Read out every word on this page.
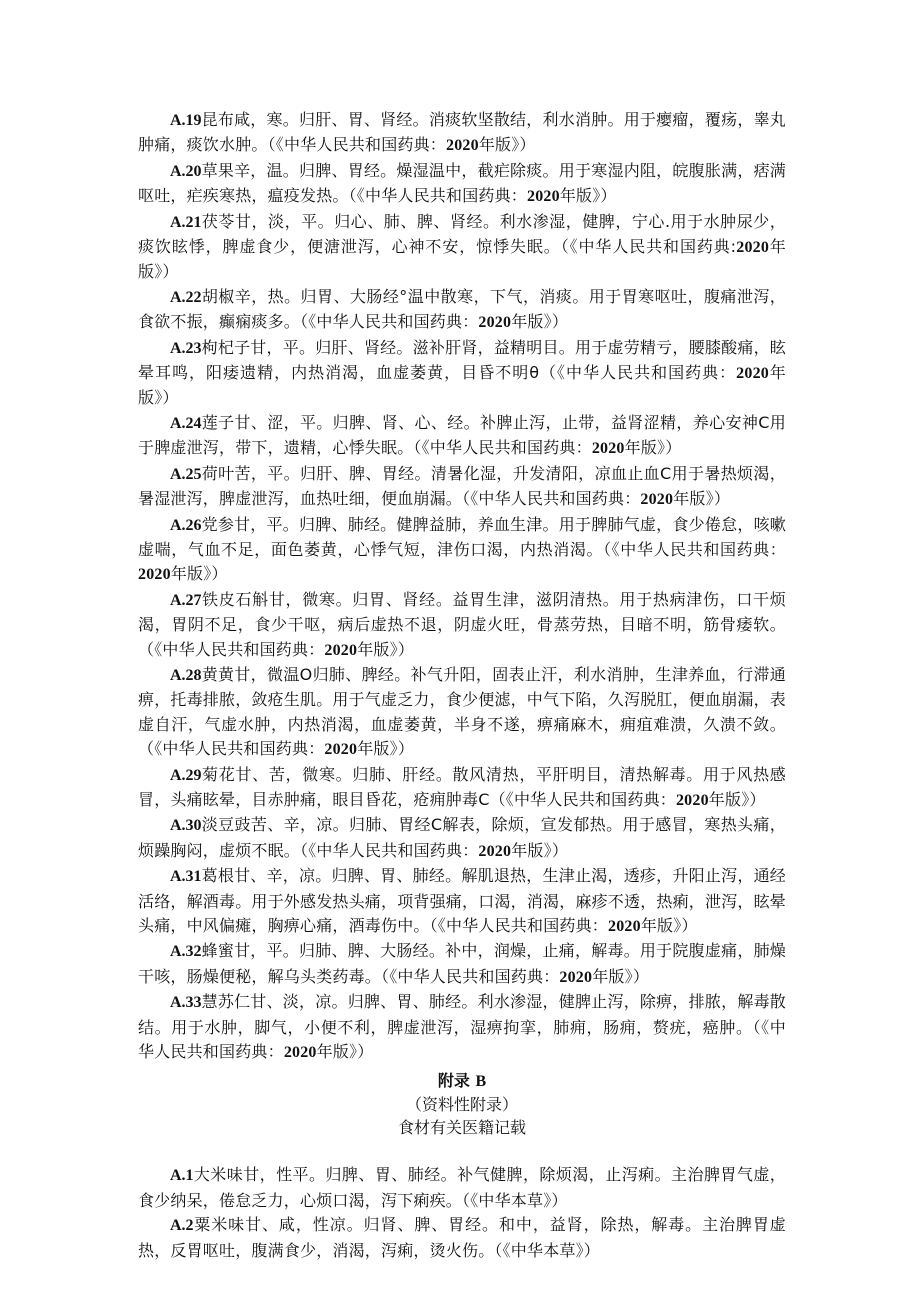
A.19昆布咸，寒。归肝、胃、肾经。消痰软坚散结，利水消肿。用于瘿瘤，覆疡，睾丸肿痛，痰饮水肿。（《中华人民共和国药典：2020年版》）

A.20草果辛，温。归脾、胃经。燥湿温中，截疟除痰。用于寒湿内阻，皖腹胀满，痞满呕吐，疟疾寒热，瘟疫发热。（《中华人民共和国药典：2020年版》）

A.21茯苓甘，淡，平。归心、肺、脾、肾经。利水渗湿，健脾，宁心.用于水肿尿少，痰饮眩悸，脾虚食少，便溏泄泻，心神不安，惊悸失眠。（《中华人民共和国药典:2020年版》）

A.22胡椒辛，热。归胃、大肠经°温中散寒，下气，消痰。用于胃寒呕吐，腹痛泄泻，食欲不振，癫痫痰多。（《中华人民共和国药典：2020年版》）

A.23枸杞子甘，平。归肝、肾经。滋补肝肾，益精明目。用于虚劳精亏，腰膝酸痛，眩晕耳鸣，阳痿遗精，内热消渴，血虚萎黄，目昏不明θ（《中华人民共和国药典：2020年版》）

A.24莲子甘、涩，平。归脾、肾、心、经。补脾止泻，止带，益肾涩精，养心安神C用于脾虚泄泻，带下，遗精，心悸失眠。（《中华人民共和国药典：2020年版》）

A.25荷叶苦，平。归肝、脾、胃经。清暑化湿，升发清阳，凉血止血C用于暑热烦渴，暑湿泄泻，脾虚泄泻，血热吐细，便血崩漏。（《中华人民共和国药典：2020年版》）

A.26党参甘，平。归脾、肺经。健脾益肺，养血生津。用于脾肺气虚，食少倦怠，咳嗽虚喘，气血不足，面色萎黄，心悸气短，津伤口渴，内热消渴。（《中华人民共和国药典：2020年版》）

A.27铁皮石斛甘，微寒。归胃、肾经。益胃生津，滋阴清热。用于热病津伤，口干烦渴，胃阴不足，食少干呕，病后虚热不退，阴虚火旺，骨蒸劳热，目暗不明，筋骨痿软。（《中华人民共和国药典：2020年版》）

A.28黄黄甘，微温O归肺、脾经。补气升阳，固表止汗，利水消肿，生津养血，行滞通痹，托毒排脓，敛疮生肌。用于气虚乏力，食少便滤，中气下陷，久泻脱肛，便血崩漏，表虚自汗，气虚水肿，内热消渴，血虚萎黄，半身不遂，痹痛麻木，痈疽难溃，久溃不敛。（《中华人民共和国药典：2020年版》）

A.29菊花甘、苦，微寒。归肺、肝经。散风清热，平肝明目，清热解毒。用于风热感冒，头痛眩晕，目赤肿痛，眼目昏花，疮痈肿毒C（《中华人民共和国药典：2020年版》）

A.30淡豆豉苦、辛，凉。归肺、胃经C解表，除烦，宣发郁热。用于感冒，寒热头痛，烦躁胸闷，虚烦不眠。（《中华人民共和国药典：2020年版》）

A.31葛根甘、辛，凉。归脾、胃、肺经。解肌退热，生津止渴，透疹，升阳止泻，通经活络，解酒毒。用于外感发热头痛，项背强痛，口渴，消渴，麻疹不透，热痢，泄泻，眩晕头痛，中风偏瘫，胸痹心痛，酒毒伤中。（《中华人民共和国药典：2020年版》）

A.32蜂蜜甘，平。归肺、脾、大肠经。补中，润燥，止痛，解毒。用于院腹虚痛，肺燥干咳，肠燥便秘，解乌头类药毒。（《中华人民共和国药典：2020年版》）

A.33慧苏仁甘、淡，凉。归脾、胃、肺经。利水渗湿，健脾止泻，除痹，排脓，解毒散结。用于水肿，脚气，小便不利，脾虚泄泻，湿痹拘挛，肺痈，肠痈，赘疣，癌肿。（《中华人民共和国药典：2020年版》）

附录 B

（资料性附录）

食材有关医籍记载

A.1大米味甘，性平。归脾、胃、肺经。补气健脾，除烦渴，止泻痢。主治脾胃气虚，食少纳呆，倦怠乏力，心烦口渴，泻下痢疾。（《中华本草》）

A.2粟米味甘、咸，性凉。归肾、脾、胃经。和中，益肾，除热，解毒。主治脾胃虚热，反胃呕吐，腹满食少，消渴，泻痢，烫火伤。（《中华本草》）
